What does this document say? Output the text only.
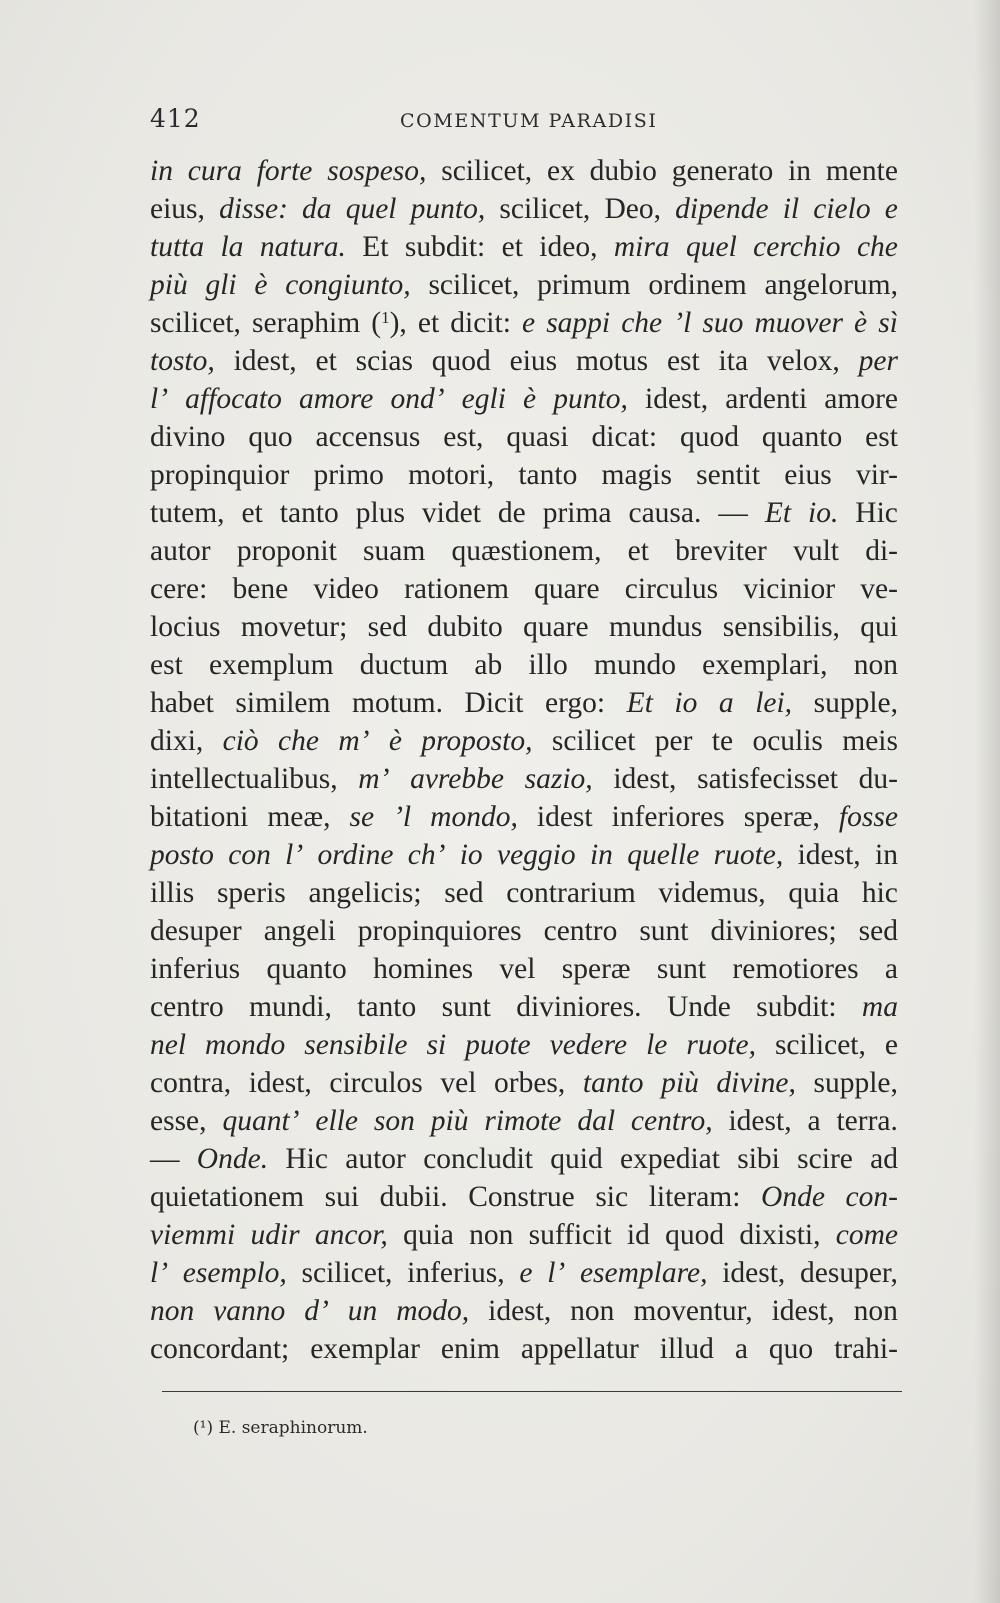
412	COMENTUM PARADISI
in cura forte sospeso, scilicet, ex dubio generato in mente
eius, disse: da quel punto, scilicet, Deo, dipende il cielo e
tutta la natura. Et subdit: et ideo, mira quel cerchio che
più gli è congiunto, scilicet, primum ordinem angelorum,
scilicet, seraphim ($^1$), et dicit: e sappi che ’l suo muover è sì
tosto, idest, et scias quod eius motus est ita velox, per
l’ affocato amore ond’ egli è punto, idest, ardenti amore
divino quo accensus est, quasi dicat: quod quanto est
propinquior primo motori, tanto magis sentit eius vir-
tutem, et tanto plus videt de prima causa. — Et io. Hic
autor proponit suam quæstionem, et breviter vult di-
cere: bene video rationem quare circulus vicinior ve-
locius movetur; sed dubito quare mundus sensibilis, qui
est exemplum ductum ab illo mundo exemplari, non
habet similem motum. Dicit ergo: Et io a lei, supple,
dixi, ciò che m’ è proposto, scilicet per te oculis meis
intellectualibus, m’ avrebbe sazio, idest, satisfecisset du-
bitationi meæ, se ’l mondo, idest inferiores speræ, fosse
posto con l’ ordine ch’ io veggio in quelle ruote, idest, in
illis speris angelicis; sed contrarium videmus, quia hic
desuper angeli propinquiores centro sunt diviniores; sed
inferius quanto homines vel speræ sunt remotiores a
centro mundi, tanto sunt diviniores. Unde subdit: ma
nel mondo sensibile si puote vedere le ruote, scilicet, e
contra, idest, circulos vel orbes, tanto più divine, supple,
esse, quant’ elle son più rimote dal centro, idest, a terra.
— Onde. Hic autor concludit quid expediat sibi scire ad
quietationem sui dubii. Construe sic literam: Onde con-
viemmi udir ancor, quia non sufficit id quod dixisti, come
l’ esemplo, scilicet, inferius, e l’ esemplare, idest, desuper,
non vanno d’ un modo, idest, non moventur, idest, non
concordant; exemplar enim appellatur illud a quo trahi-
(¹) E. seraphinorum.
